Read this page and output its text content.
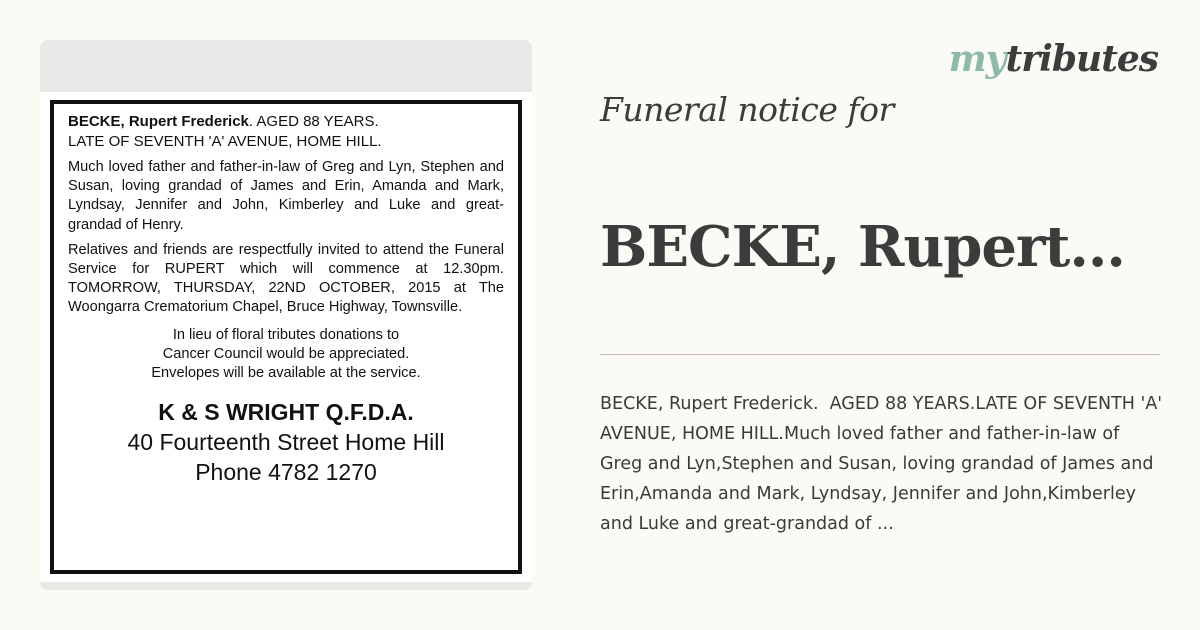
BECKE, Rupert Frederick. AGED 88 YEARS.

LATE OF SEVENTH 'A' AVENUE, HOME HILL.

Much loved father and father-in-law of Greg and Lyn, Stephen and Susan, loving grandad of James and Erin, Amanda and Mark, Lyndsay, Jennifer and John, Kimberley and Luke and great-grandad of Henry.

Relatives and friends are respectfully invited to attend the Funeral Service for RUPERT which will commence at 12.30pm. TOMORROW, THURSDAY, 22ND OCTOBER, 2015 at The Woongarra Crematorium Chapel, Bruce Highway, Townsville.

In lieu of floral tributes donations to
Cancer Council would be appreciated.
Envelopes will be available at the service.

K & S WRIGHT Q.F.D.A.
40 Fourteenth Street Home Hill
Phone 4782 1270
mytributes
Funeral notice for
BECKE, Rupert...
BECKE, Rupert Frederick.  AGED 88 YEARS.LATE OF SEVENTH 'A' AVENUE, HOME HILL.Much loved father and father-in-law of Greg and Lyn,Stephen and Susan, loving grandad of James and Erin,Amanda and Mark, Lyndsay, Jennifer and John,Kimberley and Luke and great-grandad of ...
